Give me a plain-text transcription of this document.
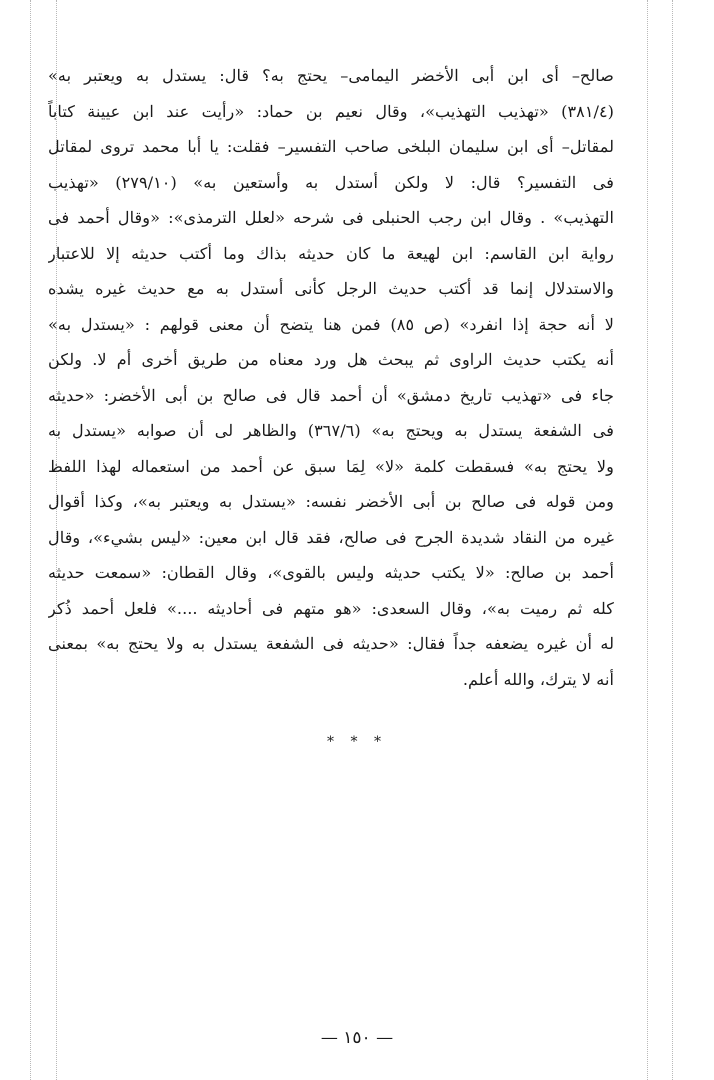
صالح– أى ابن أبى الأخضر اليمامى– يحتج به؟ قال: يستدل به ويعتبر به»
(٣٨١/٤) «تهذيب التهذيب»، وقال نعيم بن حماد: «رأيت عند ابن عيينة كتاباً
لمقاتل– أى ابن سليمان البلخى صاحب التفسير– فقلت: يا أبا محمد تروى لمقاتل
فى التفسير؟ قال: لا ولكن أستدل به وأستعين به» (٢٧٩/١٠) «تهذيب
التهذيب» . وقال ابن رجب الحنبلى فى شرحه «لعلل الترمذى»: «وقال أحمد فى
رواية ابن القاسم: ابن لهيعة ما كان حديثه بذاك وما أكتب حديثه إلا للاعتبار
والاستدلال إنما قد أكتب حديث الرجل كأنى أستدل به مع حديث غيره يشده
لا أنه حجة إذا انفرد» (ص ٨٥) فمن هنا يتضح أن معنى قولهم : «يستدل به»
أنه يكتب حديث الراوى ثم يبحث هل ورد معناه من طريق أخرى أم لا. ولكن
جاء فى «تهذيب تاريخ دمشق» أن أحمد قال فى صالح بن أبى الأخضر: «حديثه
فى الشفعة يستدل به ويحتج به» (٣٦٧/٦) والظاهر لى أن صوابه «يستدل به
ولا يحتج به» فسقطت كلمة «لا» لِمَا سبق عن أحمد من استعماله لهذا اللفظ
ومن قوله فى صالح بن أبى الأخضر نفسه: «يستدل به ويعتبر به»، وكذا أقوال
غيره من النقاد شديدة الجرح فى صالح، فقد قال ابن معين: «ليس بشيء»، وقال
أحمد بن صالح: «لا يكتب حديثه وليس بالقوى»، وقال القطان: «سمعت حديثه
كله ثم رميت به»، وقال السعدى: «هو متهم فى أحاديثه ....» فلعل أحمد ذُكر
له أن غيره يضعفه جداً فقال: «حديثه فى الشفعة يستدل به ولا يحتج به» بمعنى
أنه لا يترك، والله أعلم.
* * *
— ١٥٠ —
